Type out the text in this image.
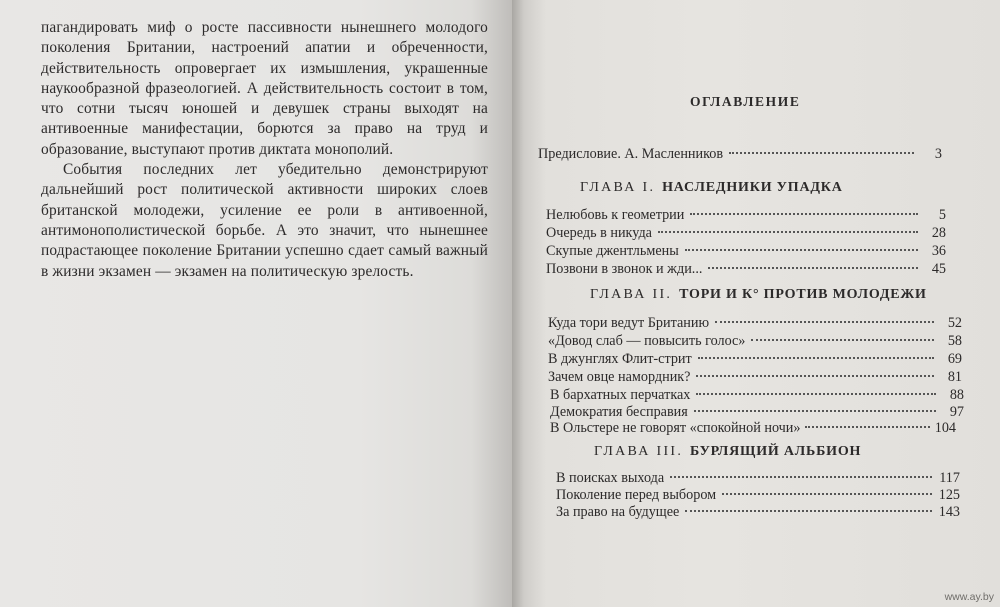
пагандировать миф о росте пассивности нынешнего молодого поколения Британии, настроений апатии и обреченности, действительность опровергает их измышления, украшенные наукообразной фразеологией. А действительность состоит в том, что сотни тысяч юношей и девушек страны выходят на антивоенные манифестации, борются за право на труд и образование, выступают против диктата монополий.

События последних лет убедительно демонстрируют дальнейший рост политической активности широких слоев британской молодежи, усиление ее роли в антивоенной, антимонополистической борьбе. А это значит, что нынешнее подрастающее поколение Британии успешно сдает самый важный в жизни экзамен — экзамен на политическую зрелость.

ОГЛАВЛЕНИЕ
Предисловие. А. Масленников	3
ГЛАВА I. НАСЛЕДНИКИ УПАДКА
Нелюбовь к геометрии	5
Очередь в никуда	28
Скупые джентльмены	36
Позвони в звонок и жди...	45
ГЛАВА II. ТОРИ И К° ПРОТИВ МОЛОДЕЖИ
Куда тори ведут Британию	52
«Довод слаб — повысить голос»	58
В джунглях Флит-стрит	69
Зачем овце намордник?	81
В бархатных перчатках	88
Демократия бесправия	97
В Ольстере не говорят «спокойной ночи»	104
ГЛАВА III. БУРЛЯЩИЙ АЛЬБИОН
В поисках выхода	117
Поколение перед выбором	125
За право на будущее	143
www.ay.by
